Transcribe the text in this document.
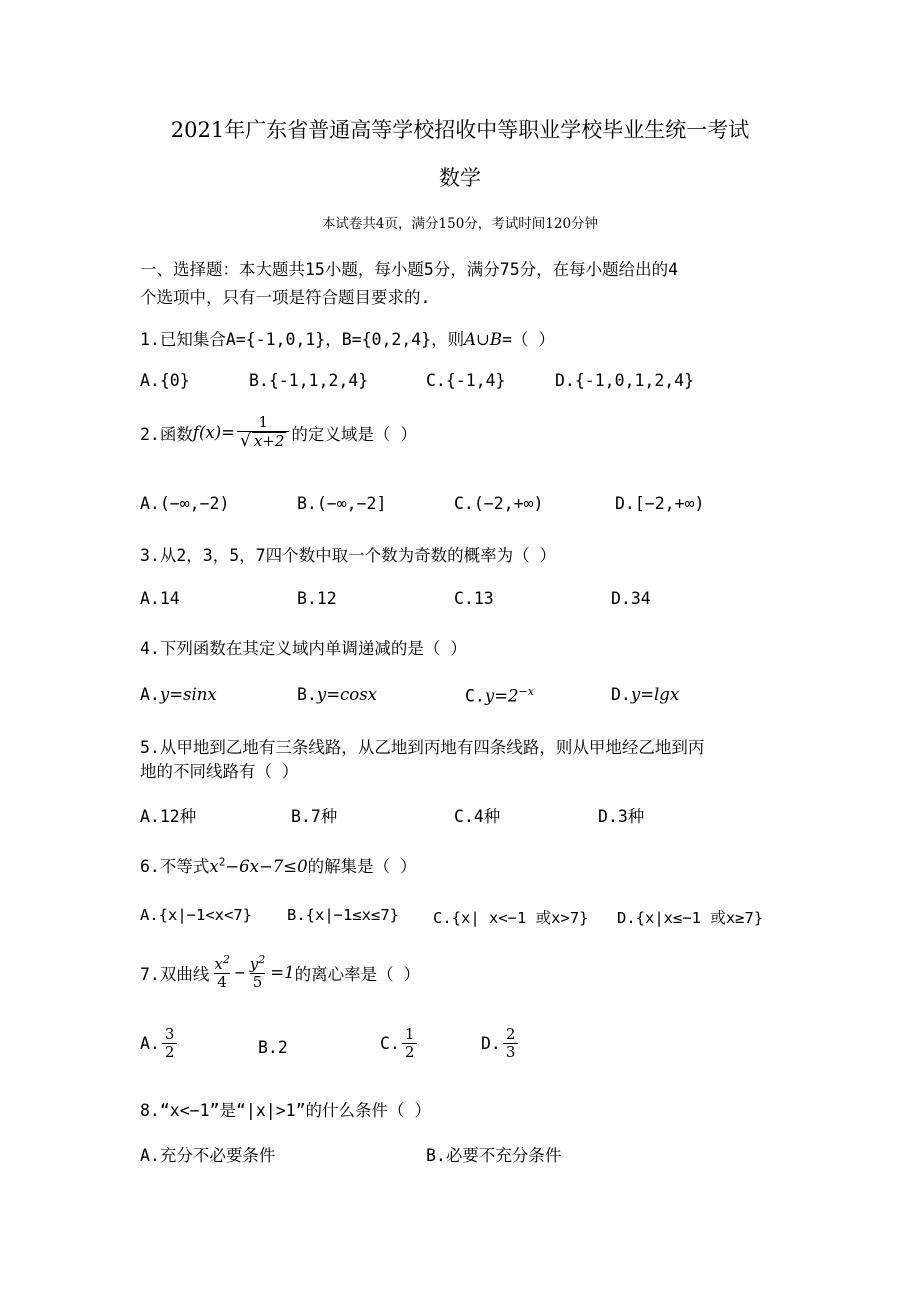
2021年广东省普通高等学校招收中等职业学校毕业生统一考试
数学
本试卷共4页，满分150分，考试时间120分钟
一、选择题：本大题共15小题，每小题5分，满分75分，在每小题给出的4
个选项中，只有一项是符合题目要求的.
1.已知集合A={-1,0,1}，B={0,2,4}，则A∪B=（ ）
A.{0}	B.{-1,1,2,4}	C.{-1,4}	D.{-1,0,1,2,4}
2.函数 $f(x)= \frac{1}{√ x+2}$ 的定义域是（ ）
A.(−∞,−2)	B.(−∞,−2]	C.(−2,+∞)	D.[−2,+∞)
3.从2，3，5，7四个数中取一个数为奇数的概率为（ ）
A.14	B.12	C.13	D.34
4.下列函数在其定义域内单调递减的是（ ）
A.y=sinx	B.y=cosx	$C.y=2^{-x}$	D.y=lgx
5.从甲地到乙地有三条线路，从乙地到丙地有四条线路，则从甲地经乙地到丙
地的不同线路有（ ）
A.12种	B.7种	C.4种	D.3种
6.不等式$x^2-6x-7\le 0$的解集是（ ）
A.{x|−1<x<7} B.{x|−1≤x≤7} C.{x| x<−1 或x>7} D.{x|x≤−1 或x≥7}
7.双曲线 $\frac{x^2}{4} - \frac{y^2}{5} =1$ 的离心率是（ ）
A. $\frac{3}{2}$	B.2	C. $\frac{1}{2}$	D. $\frac{2}{3}$
8.“x<−1”是“|x|>1”的什么条件（ ）
A.充分不必要条件	B.必要不充分条件
